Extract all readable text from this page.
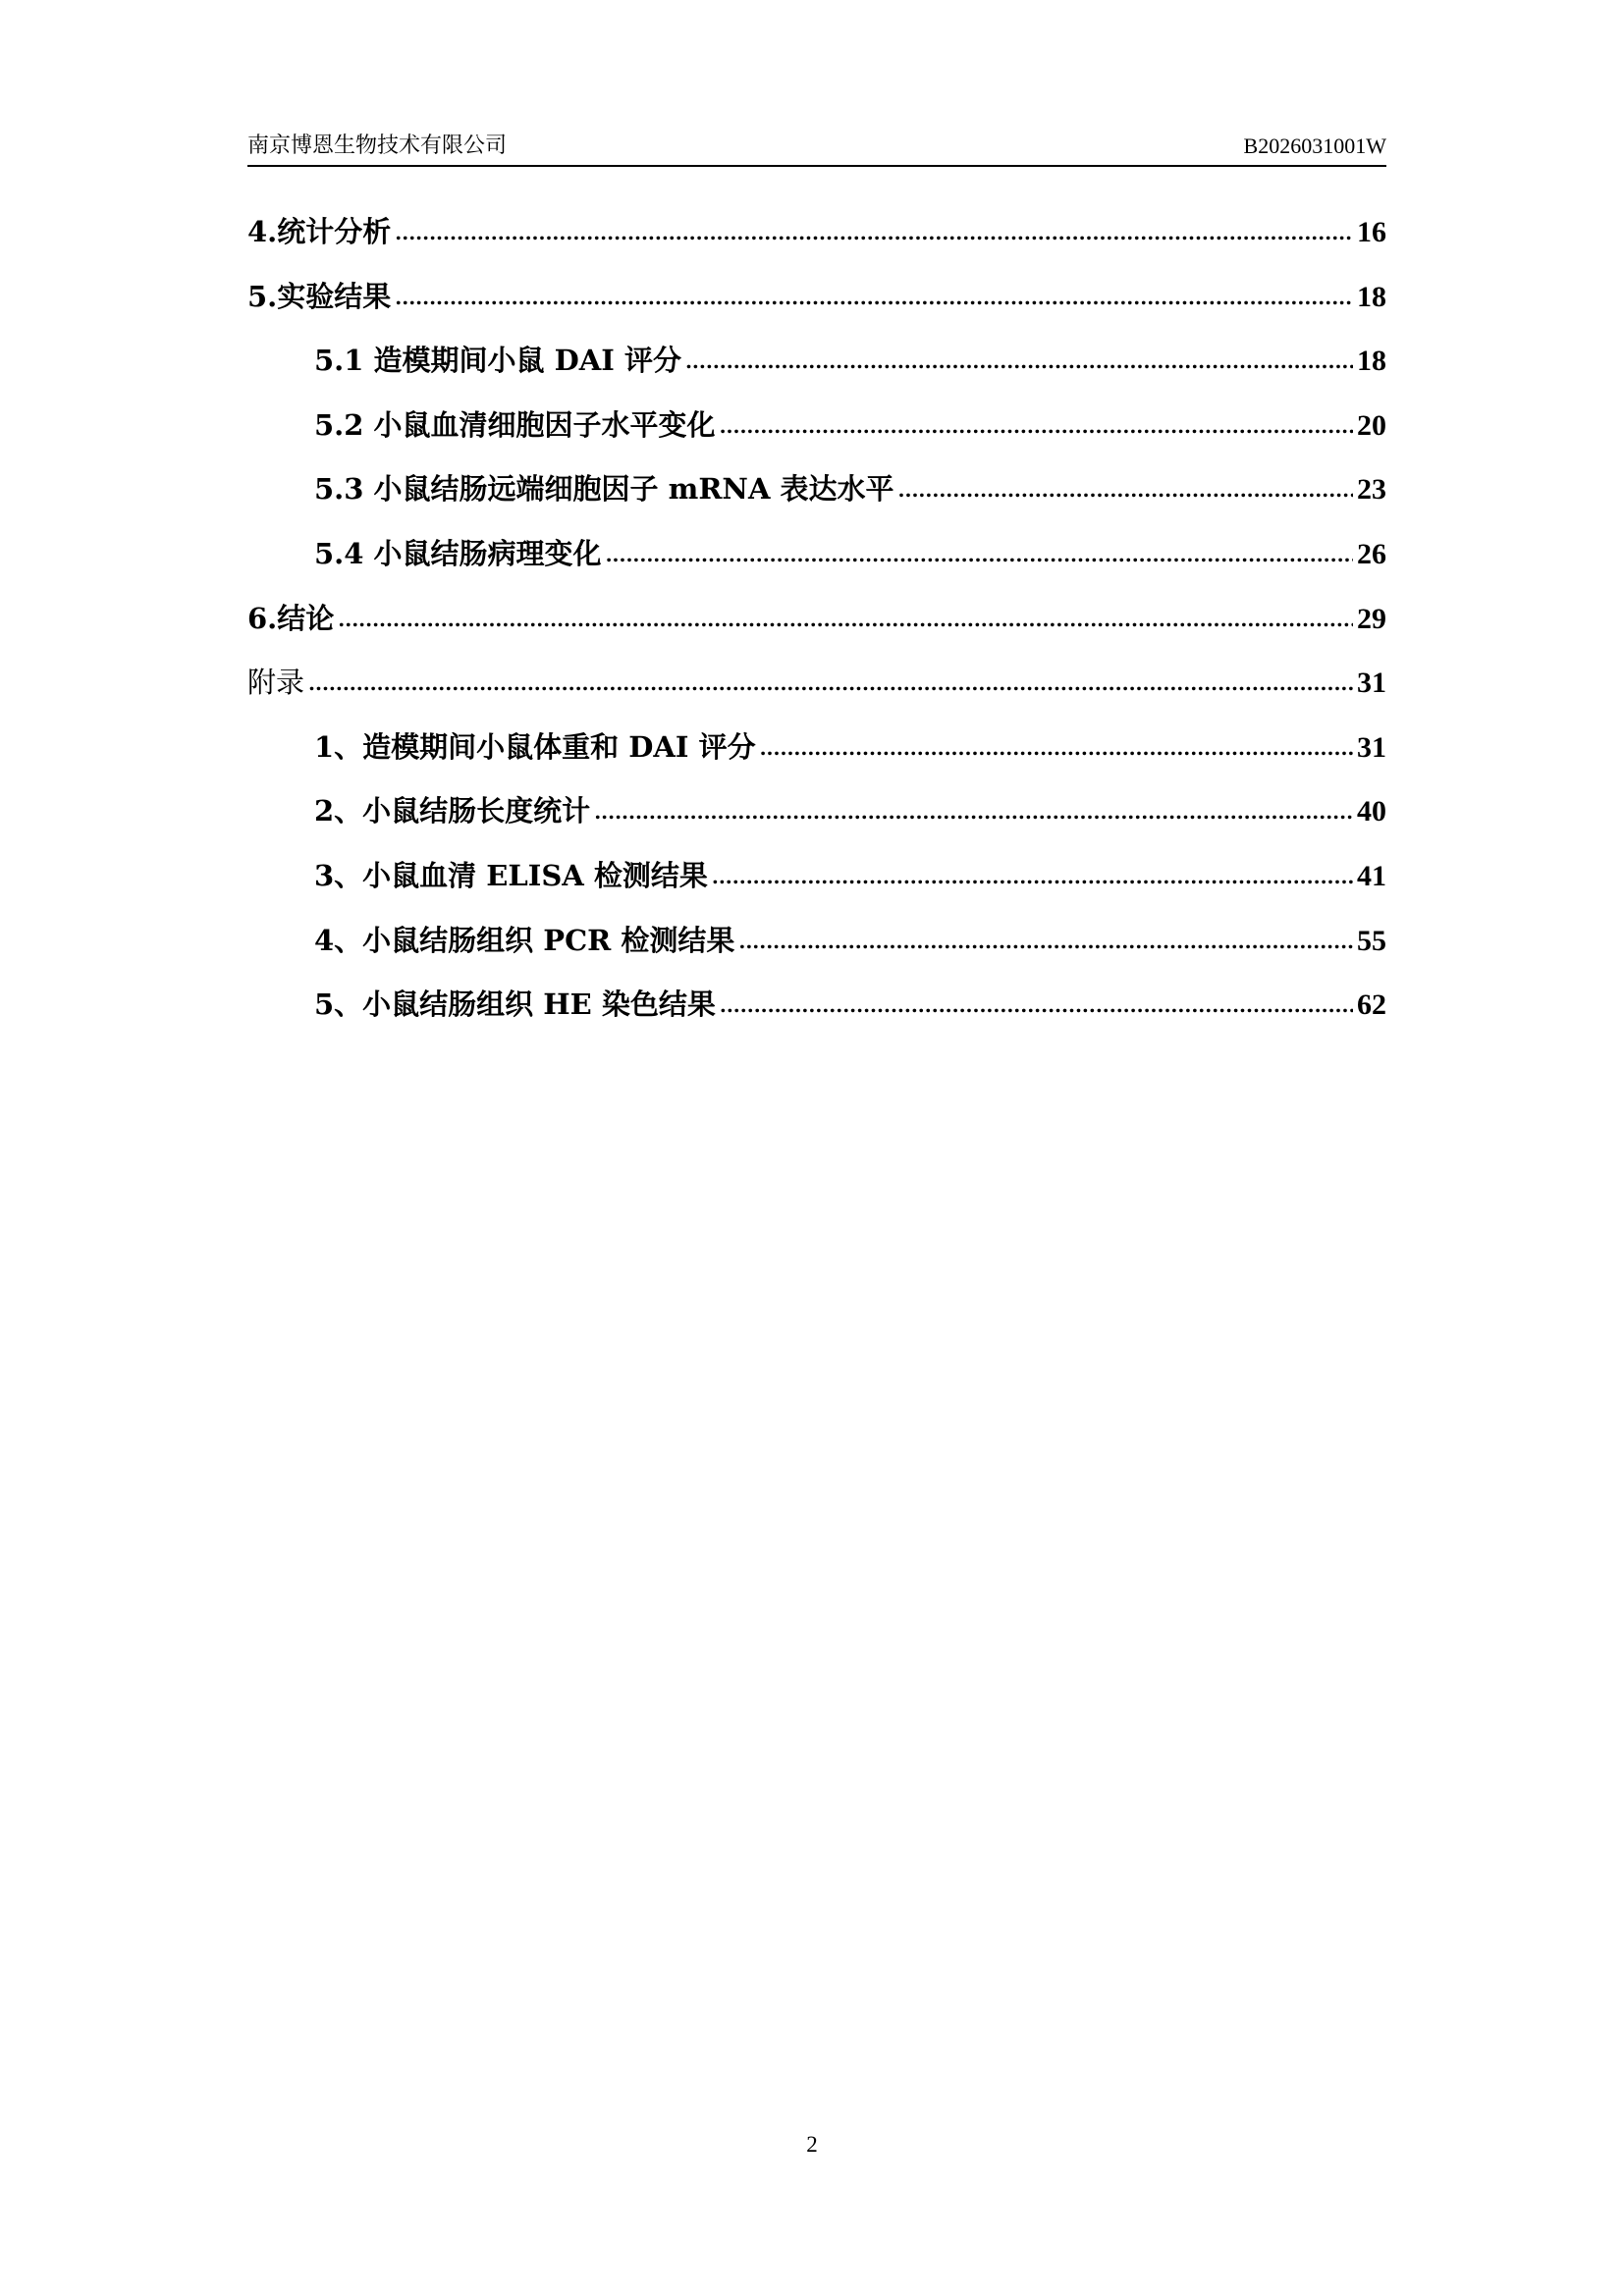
南京博恩生物技术有限公司	B2026031001W
4.统计分析 .....	16
5.实验结果 .....	18
5.1 造模期间小鼠 DAI 评分 .....	18
5.2 小鼠血清细胞因子水平变化 .....	20
5.3 小鼠结肠远端细胞因子 mRNA 表达水平 .....	23
5.4 小鼠结肠病理变化 .....	26
6.结论 .....	29
附录 .....	31
1、造模期间小鼠体重和 DAI 评分 .....	31
2、小鼠结肠长度统计 .....	40
3、小鼠血清 ELISA 检测结果 .....	41
4、小鼠结肠组织 PCR 检测结果 .....	55
5、小鼠结肠组织 HE 染色结果 .....	62
2
